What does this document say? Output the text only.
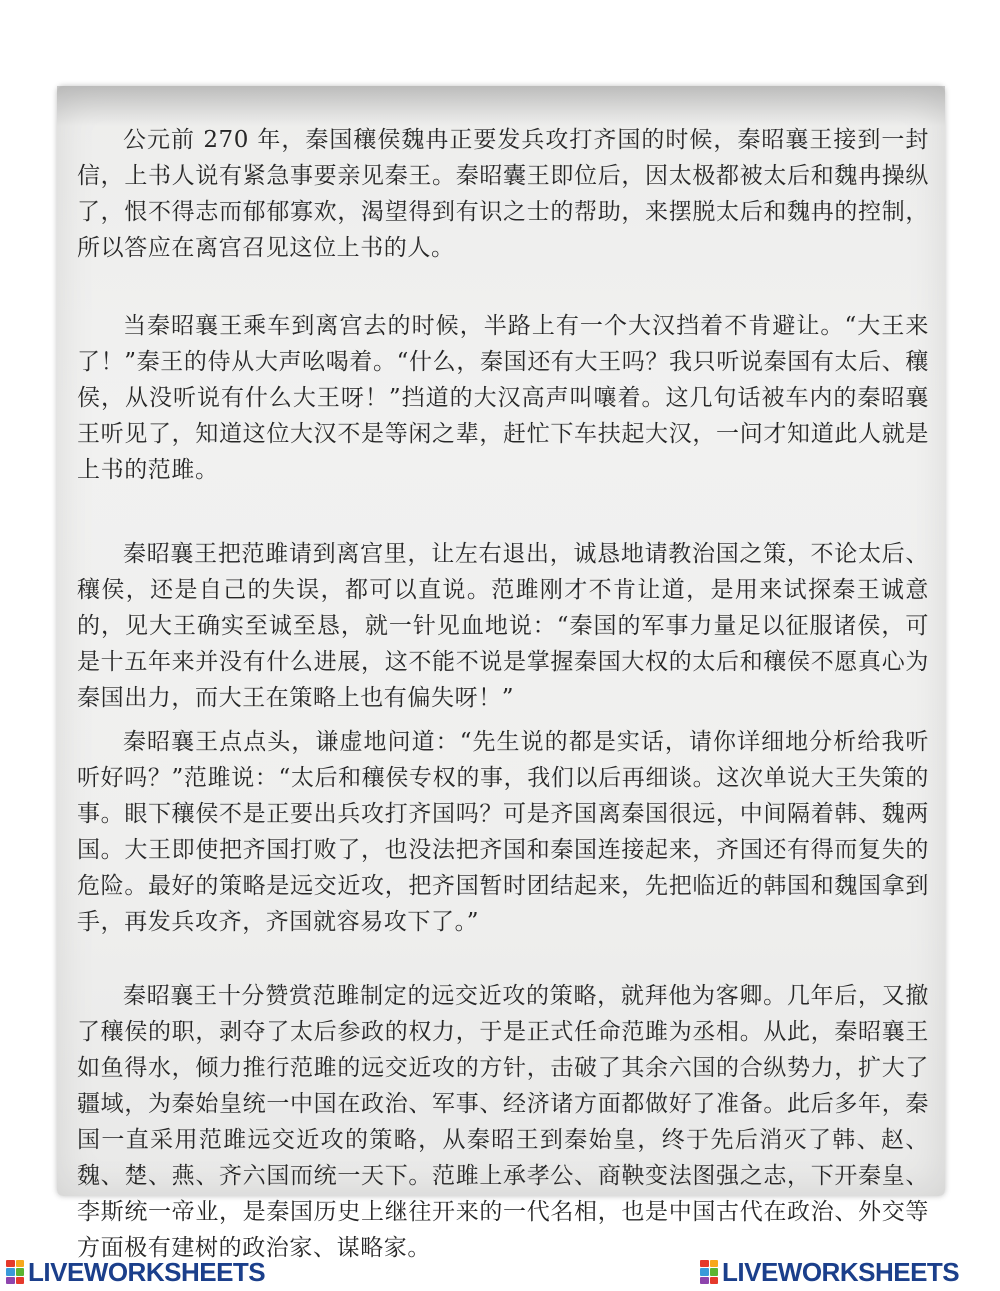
公元前 270 年，秦国穰侯魏冉正要发兵攻打齐国的时候，秦昭襄王接到一封信，上书人说有紧急事要亲见秦王。秦昭囊王即位后，因太极都被太后和魏冉操纵了，恨不得志而郁郁寡欢，渴望得到有识之士的帮助，来摆脱太后和魏冉的控制，所以答应在离宫召见这位上书的人。

当秦昭襄王乘车到离宫去的时候，半路上有一个大汉挡着不肯避让。“大王来了！”秦王的侍从大声吆喝着。“什么，秦国还有大王吗？我只听说秦国有太后、穰侯，从没听说有什么大王呀！”挡道的大汉高声叫嚷着。这几句话被车内的秦昭襄王听见了，知道这位大汉不是等闲之辈，赶忙下车扶起大汉，一问才知道此人就是上书的范雎。

秦昭襄王把范雎请到离宫里，让左右退出，诚恳地请教治国之策，不论太后、穰侯，还是自己的失误，都可以直说。范雎刚才不肯让道，是用来试探秦王诚意的，见大王确实至诚至恳，就一针见血地说：“秦国的军事力量足以征服诸侯，可是十五年来并没有什么进展，这不能不说是掌握秦国大权的太后和穰侯不愿真心为秦国出力，而大王在策略上也有偏失呀！”

秦昭襄王点点头，谦虚地问道：“先生说的都是实话，请你详细地分析给我听听好吗？”范雎说：“太后和穰侯专权的事，我们以后再细谈。这次单说大王失策的事。眼下穰侯不是正要出兵攻打齐国吗？可是齐国离秦国很远，中间隔着韩、魏两国。大王即使把齐国打败了，也没法把齐国和秦国连接起来，齐国还有得而复失的危险。最好的策略是远交近攻，把齐国暂时团结起来，先把临近的韩国和魏国拿到手，再发兵攻齐，齐国就容易攻下了。”

秦昭襄王十分赞赏范雎制定的远交近攻的策略，就拜他为客卿。几年后，又撤了穰侯的职，剥夺了太后参政的权力，于是正式任命范雎为丞相。从此，秦昭襄王如鱼得水，倾力推行范雎的远交近攻的方针，击破了其余六国的合纵势力，扩大了疆域，为秦始皇统一中国在政治、军事、经济诸方面都做好了准备。此后多年，秦国一直采用范雎远交近攻的策略，从秦昭王到秦始皇，终于先后消灭了韩、赵、魏、楚、燕、齐六国而统一天下。范雎上承孝公、商鞅变法图强之志，下开秦皇、李斯统一帝业，是秦国历史上继往开来的一代名相，也是中国古代在政治、外交等方面极有建树的政治家、谋略家。

LIVEWORKSHEETS	LIVEWORKSHEETS
